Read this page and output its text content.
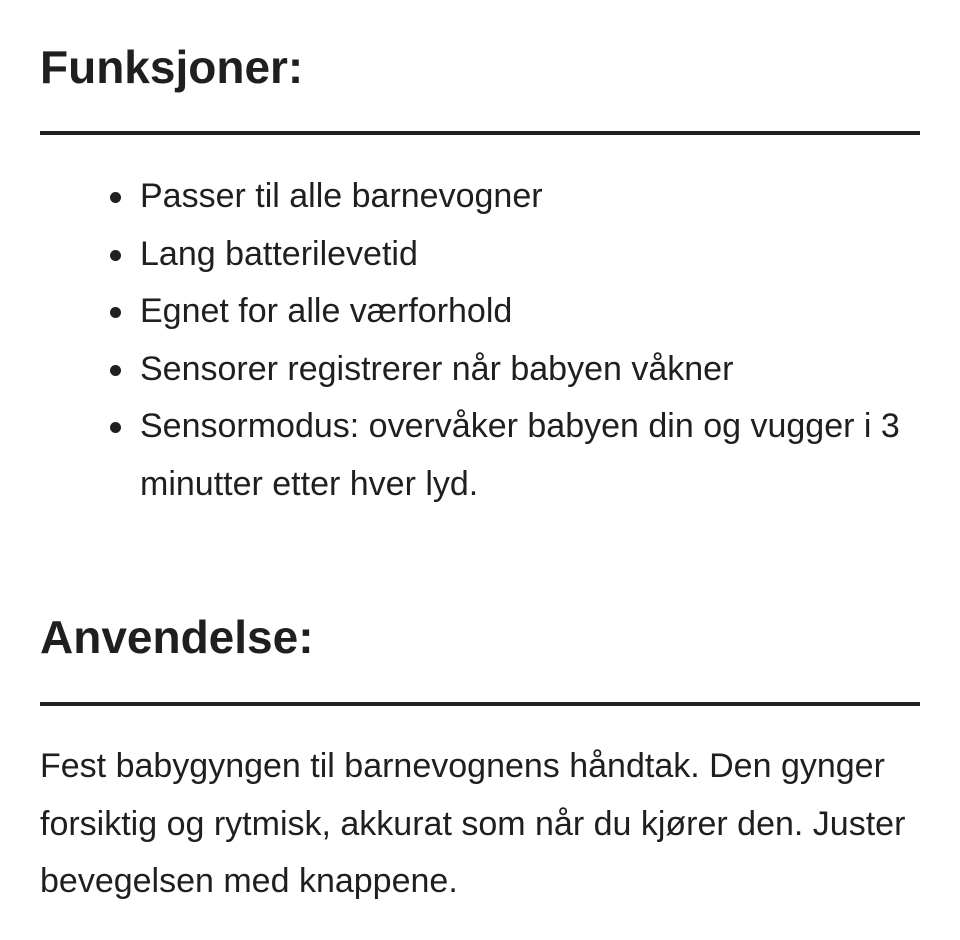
Funksjoner:
Passer til alle barnevogner
Lang batterilevetid
Egnet for alle værforhold
Sensorer registrerer når babyen våkner
Sensormodus: overvåker babyen din og vugger i 3 minutter etter hver lyd.
Anvendelse:

Fest babygyngen til barnevognens håndtak. Den gynger forsiktig og rytmisk, akkurat som når du kjører den. Juster bevegelsen med knappene.
